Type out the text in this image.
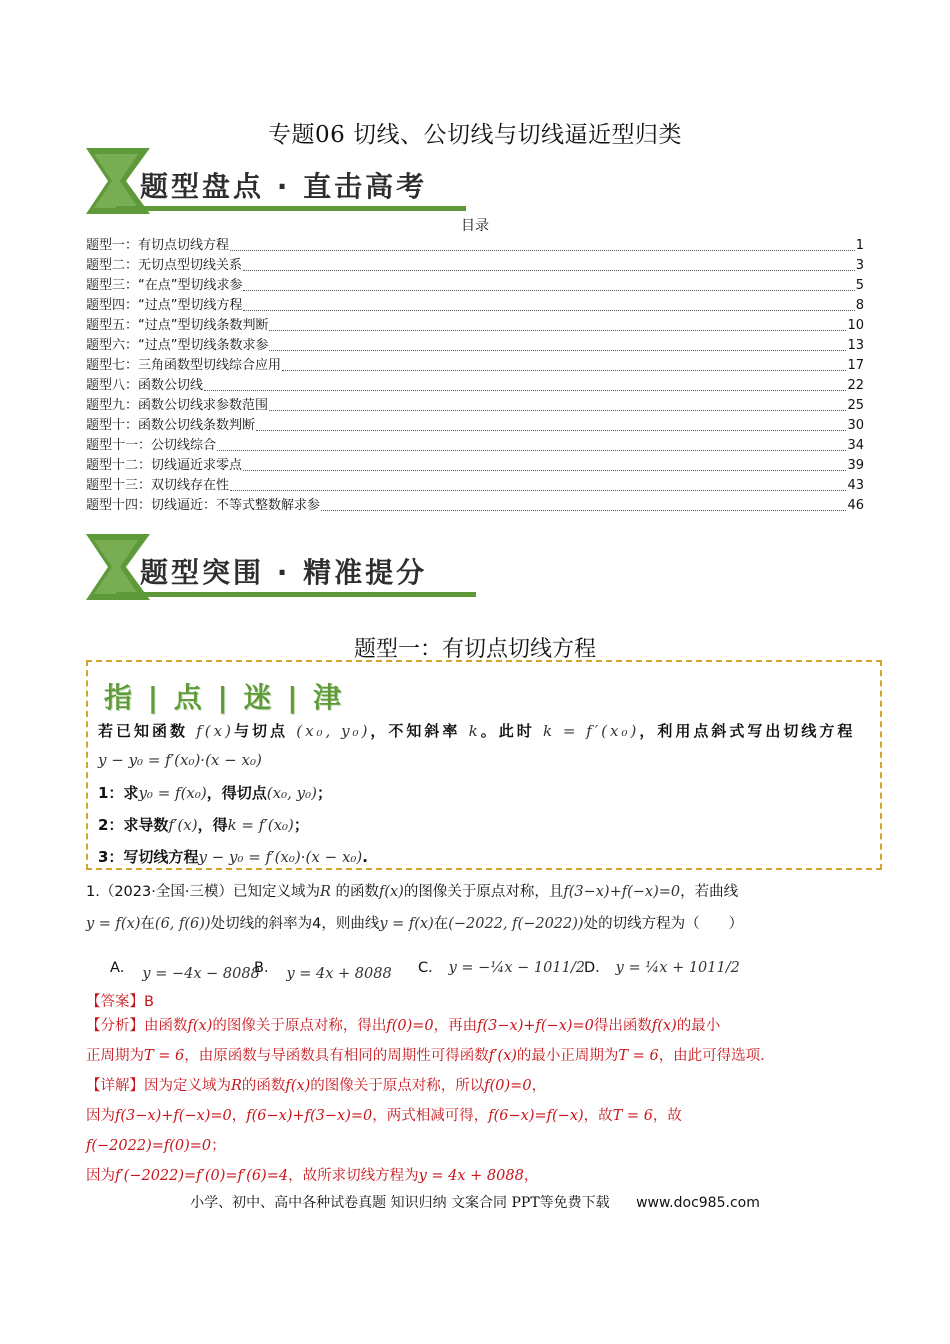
专题06 切线、公切线与切线逼近型归类
题型盘点 · 直击高考
目录
题型一：有切点切线方程	1
题型二：无切点型切线关系	3
题型三：“在点”型切线求参	5
题型四：“过点”型切线方程	8
题型五：“过点”型切线条数判断	10
题型六：“过点”型切线条数求参	13
题型七：三角函数型切线综合应用	17
题型八：函数公切线	22
题型九：函数公切线求参数范围	25
题型十：函数公切线条数判断	30
题型十一：公切线综合	34
题型十二：切线逼近求零点	39
题型十三：双切线存在性	43
题型十四：切线逼近：不等式整数解求参	46
题型突围 · 精准提分
题型一：有切点切线方程
指 | 点 | 迷 | 津
若已知函数 f(x)与切点 (x₀, y₀)，不知斜率 k。此时 k = f′(x₀)，利用点斜式写出切线方程
y − y₀ = f′(x₀)·(x − x₀)
1：求y₀ = f(x₀)，得切点(x₀, y₀)；
2：求导数f′(x)，得k = f′(x₀)；
3：写切线方程y − y₀ = f′(x₀)·(x − x₀).
1.（2023·全国·三模）已知定义域为R 的函数f(x)的图像关于原点对称，且f(3−x)+f(−x)=0，若曲线
y = f(x)在(6, f(6))处切线的斜率为4，则曲线y = f(x)在(−2022, f(−2022))处的切线方程为（　　）
A． y = −4x − 8088
B． y = 4x + 8088 C． y = −¼x − 1011/2 D． y = ¼x + 1011/2
【答案】B
【分析】由函数f(x)的图像关于原点对称，得出f(0)=0，再由f(3−x)+f(−x)=0得出函数f(x)的最小
正周期为T = 6，由原函数与导函数具有相同的周期性可得函数f′(x)的最小正周期为T = 6，由此可得选项.
【详解】因为定义域为R的函数f(x)的图像关于原点对称，所以f(0)=0，
因为f(3−x)+f(−x)=0，f(6−x)+f(3−x)=0，两式相减可得，f(6−x)=f(−x)，故T = 6，故
f(−2022)=f(0)=0；
因为f′(−2022)=f′(0)=f′(6)=4，故所求切线方程为y = 4x + 8088，
小学、初中、高中各种试卷真题 知识归纳 文案合同 PPT等免费下载 www.doc985.com
